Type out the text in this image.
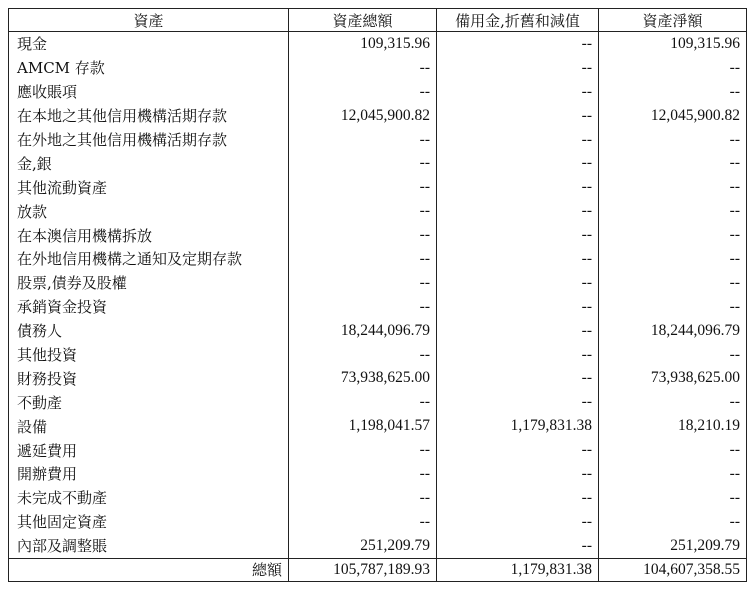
資產	資產總額	備用金,折舊和減值	資產淨額
現金	109,315.96	--	109,315.96
AMCM 存款	--	--	--
應收賬項	--	--	--
在本地之其他信用機構活期存款	12,045,900.82	--	12,045,900.82
在外地之其他信用機構活期存款	--	--	--
金,銀	--	--	--
其他流動資產	--	--	--
放款	--	--	--
在本澳信用機構拆放	--	--	--
在外地信用機構之通知及定期存款	--	--	--
股票,債券及股權	--	--	--
承銷資金投資	--	--	--
債務人	18,244,096.79	--	18,244,096.79
其他投資	--	--	--
財務投資	73,938,625.00	--	73,938,625.00
不動產	--	--	--
設備	1,198,041.57	1,179,831.38	18,210.19
遞延費用	--	--	--
開辦費用	--	--	--
未完成不動產	--	--	--
其他固定資產	--	--	--
內部及調整賬	251,209.79	--	251,209.79
總額	105,787,189.93	1,179,831.38	104,607,358.55
